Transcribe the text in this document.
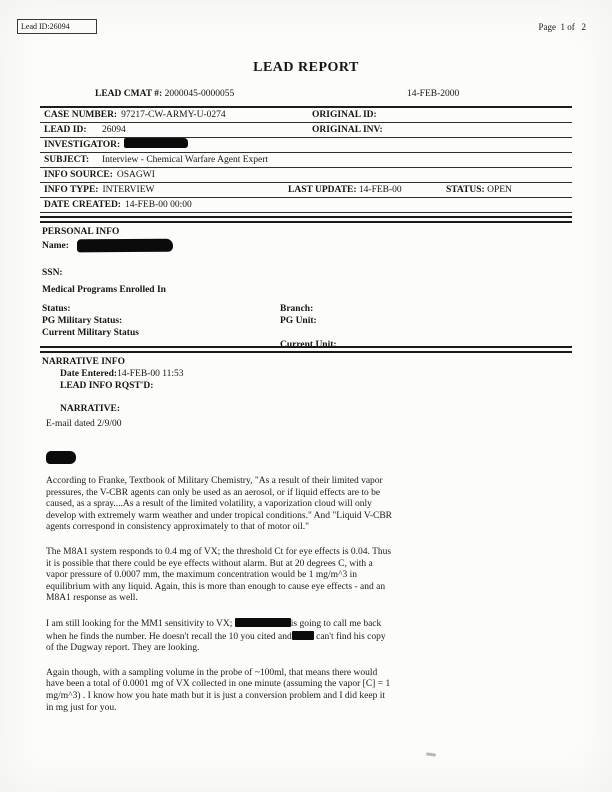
Lead ID:26094	Page  1 of   2
LEAD REPORT
LEAD CMAT #: 2000045-0000055	14-FEB-2000
CASE NUMBER: 97217-CW-ARMY-U-0274	ORIGINAL ID:
LEAD ID: 26094	ORIGINAL INV:
INVESTIGATOR:
SUBJECT: Interview - Chemical Warfare Agent Expert
INFO SOURCE: OSAGWI
INFO TYPE: INTERVIEW	LAST UPDATE: 14-FEB-00	STATUS: OPEN
DATE CREATED: 14-FEB-00 00:00
PERSONAL INFO
Name:
SSN:
Medical Programs Enrolled In
Status:	Branch:
PG Military Status:	PG Unit:
Current Military Status
Current Unit:
NARRATIVE INFO
Date Entered:14-FEB-00 11:53
LEAD INFO RQST'D:
NARRATIVE:
E-mail dated 2/9/00

According to Franke, Textbook of Military Chemistry, "As a result of their limited vapor pressures, the V-CBR agents can only be used as an aerosol, or if liquid effects are to be caused, as a spray....As a result of the limited volatility, a vaporization cloud will only develop with extremely warm weather and under tropical conditions." And "Liquid V-CBR agents correspond in consistency approximately to that of motor oil."

The M8A1 system responds to 0.4 mg of VX; the threshold Ct for eye effects is 0.04. Thus it is possible that there could be eye effects without alarm. But at 20 degrees C, with a vapor pressure of 0.0007 mm, the maximum concentration would be 1 mg/m^3 in equilibrium with any liquid. Again, this is more than enough to cause eye effects - and an M8A1 response as well.

I am still looking for the MM1 sensitivity to VX;	is going to call me back when he finds the number. He doesn't recall the 10 you cited and can't find his copy of the Dugway report. They are looking.

Again though, with a sampling volume in the probe of ~100ml, that means there would have been a total of 0.0001 mg of VX collected in one minute (assuming the vapor [C] = 1 mg/m^3) . I know how you hate math but it is just a conversion problem and I did keep it in mg just for you.
